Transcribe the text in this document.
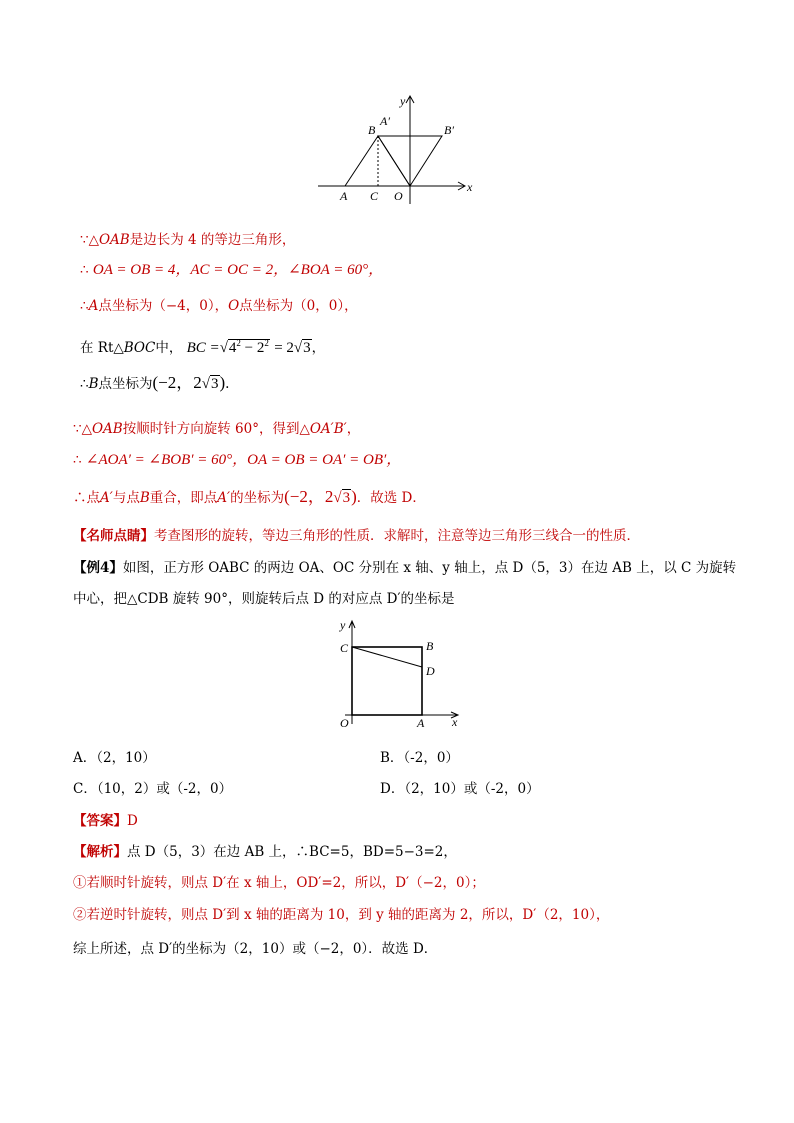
y
A′
B	B′
x
A C O
∵△OAB是边长为 4 的等边三角形，
∴ OA = OB = 4，AC = OC = 2，∠BOA = 60°，
∴A点坐标为（−4，0），O点坐标为（0，0），
在 Rt△BOC中， BC $=√4^2 - 2^2 = 2√3$，
∴B点坐标为(−2，2√3).
∵△OAB按顺时针方向旋转 60°，得到△OA′B′，
∴ ∠AOA′ = ∠BOB′ = 60°，OA = OB = OA′ = OB′，
∴点A′与点B重合，即点A′的坐标为(−2，2√3)．故选 D．
【名师点睛】考查图形的旋转，等边三角形的性质．求解时，注意等边三角形三线合一的性质．
【例4】如图，正方形 OABC 的两边 OA、OC 分别在 x 轴、y 轴上，点 D（5，3）在边 AB 上，以 C 为旋转
中心，把△CDB 旋转 90°，则旋转后点 D 的对应点 D′的坐标是
y
C	B
D
O	A x
A．（2，10）	B．（-2，0）
C．（10，2）或（-2，0）	D．（2，10）或（-2，0）
【答案】D
【解析】点 D（5，3）在边 AB 上，∴BC=5，BD=5−3=2，
①若顺时针旋转，则点 D′在 x 轴上，OD′=2，所以，D′（−2，0）；
②若逆时针旋转，则点 D′到 x 轴的距离为 10，到 y 轴的距离为 2，所以，D′（2，10），
综上所述，点 D′的坐标为（2，10）或（−2，0）．故选 D．
